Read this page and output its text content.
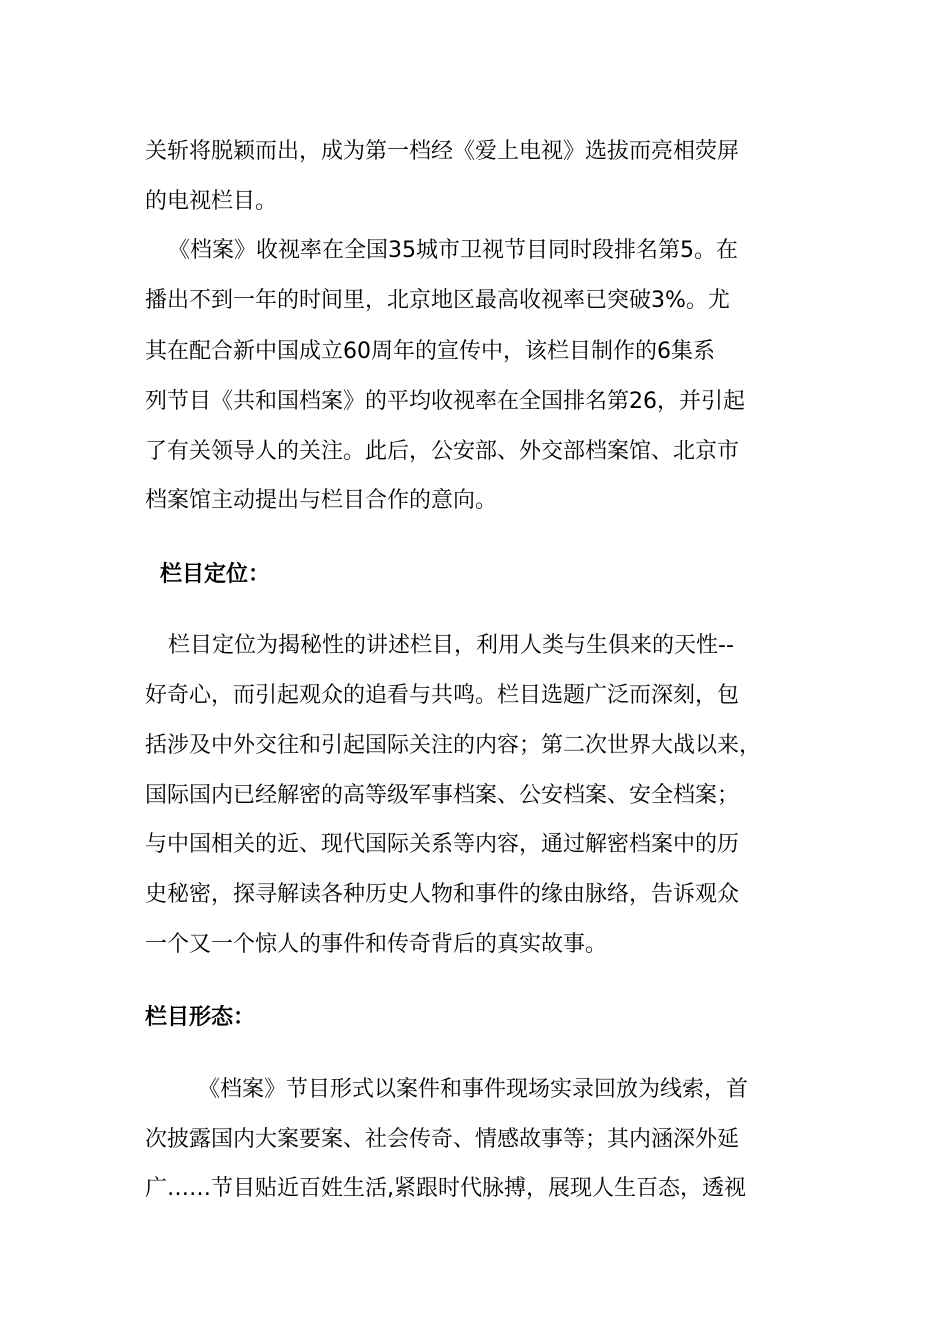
关斩将脱颖而出，成为第一档经《爱上电视》选拔而亮相荧屏
的电视栏目。
《档案》收视率在全国35城市卫视节目同时段排名第5。在
播出不到一年的时间里，北京地区最高收视率已突破3%。尤
其在配合新中国成立60周年的宣传中，该栏目制作的6集系
列节目《共和国档案》的平均收视率在全国排名第26，并引起
了有关领导人的关注。此后，公安部、外交部档案馆、北京市
档案馆主动提出与栏目合作的意向。
栏目定位：
栏目定位为揭秘性的讲述栏目，利用人类与生俱来的天性--
好奇心，而引起观众的追看与共鸣。栏目选题广泛而深刻，包
括涉及中外交往和引起国际关注的内容；第二次世界大战以来，
国际国内已经解密的高等级军事档案、公安档案、安全档案；
与中国相关的近、现代国际关系等内容，通过解密档案中的历
史秘密，探寻解读各种历史人物和事件的缘由脉络，告诉观众
一个又一个惊人的事件和传奇背后的真实故事。
栏目形态：
《档案》节目形式以案件和事件现场实录回放为线索，首
次披露国内大案要案、社会传奇、情感故事等；其内涵深外延
广……节目贴近百姓生活,紧跟时代脉搏，展现人生百态，透视
